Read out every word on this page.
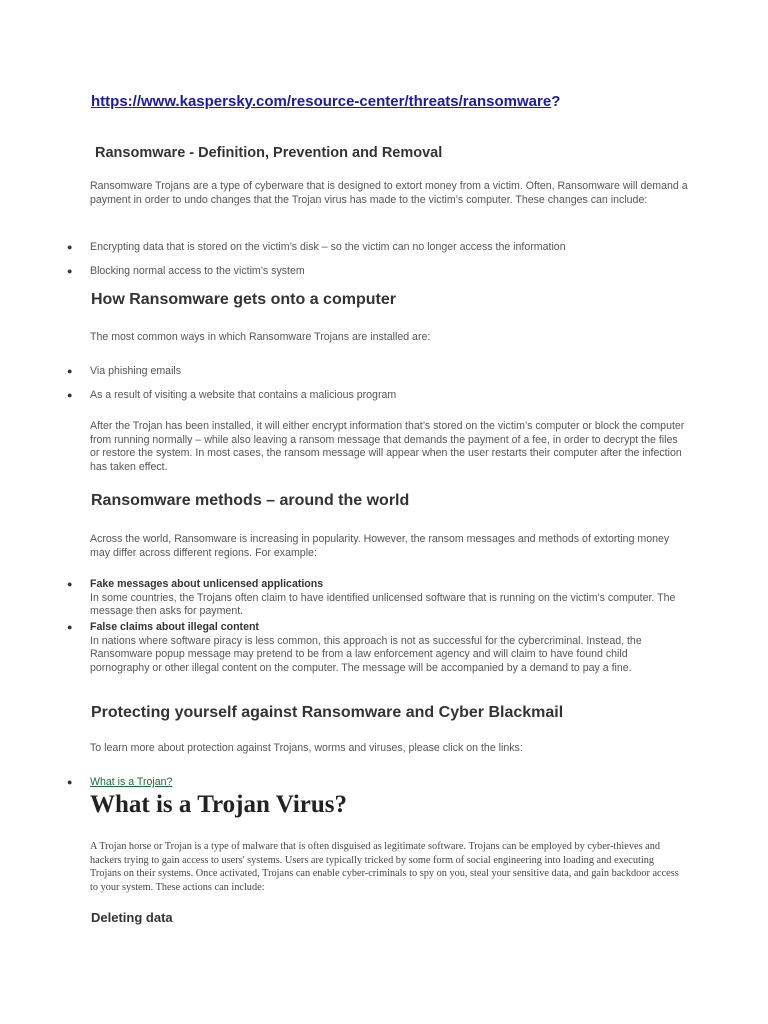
https://www.kaspersky.com/resource-center/threats/ransomware?
Ransomware - Definition, Prevention and Removal

Ransomware Trojans are a type of cyberware that is designed to extort money from a victim. Often, Ransomware will demand a payment in order to undo changes that the Trojan virus has made to the victim’s computer. These changes can include:

● Encrypting data that is stored on the victim’s disk – so the victim can no longer access the information
● Blocking normal access to the victim’s system
How Ransomware gets onto a computer

The most common ways in which Ransomware Trojans are installed are:

● Via phishing emails
● As a result of visiting a website that contains a malicious program

After the Trojan has been installed, it will either encrypt information that’s stored on the victim’s computer or block the computer from running normally – while also leaving a ransom message that demands the payment of a fee, in order to decrypt the files or restore the system. In most cases, the ransom message will appear when the user restarts their computer after the infection has taken effect.

Ransomware methods – around the world

Across the world, Ransomware is increasing in popularity. However, the ransom messages and methods of extorting money may differ across different regions. For example:

● Fake messages about unlicensed applications
In some countries, the Trojans often claim to have identified unlicensed software that is running on the victim's computer. The message then asks for payment.
● False claims about illegal content
In nations where software piracy is less common, this approach is not as successful for the cybercriminal. Instead, the Ransomware popup message may pretend to be from a law enforcement agency and will claim to have found child pornography or other illegal content on the computer. The message will be accompanied by a demand to pay a fine.
Protecting yourself against Ransomware and Cyber Blackmail

To learn more about protection against Trojans, worms and viruses, please click on the links:

● What is a Trojan?
What is a Trojan Virus?

A Trojan horse or Trojan is a type of malware that is often disguised as legitimate software. Trojans can be employed by cyber-thieves and hackers trying to gain access to users' systems. Users are typically tricked by some form of social engineering into loading and executing Trojans on their systems. Once activated, Trojans can enable cyber-criminals to spy on you, steal your sensitive data, and gain backdoor access to your system. These actions can include:

Deleting data
